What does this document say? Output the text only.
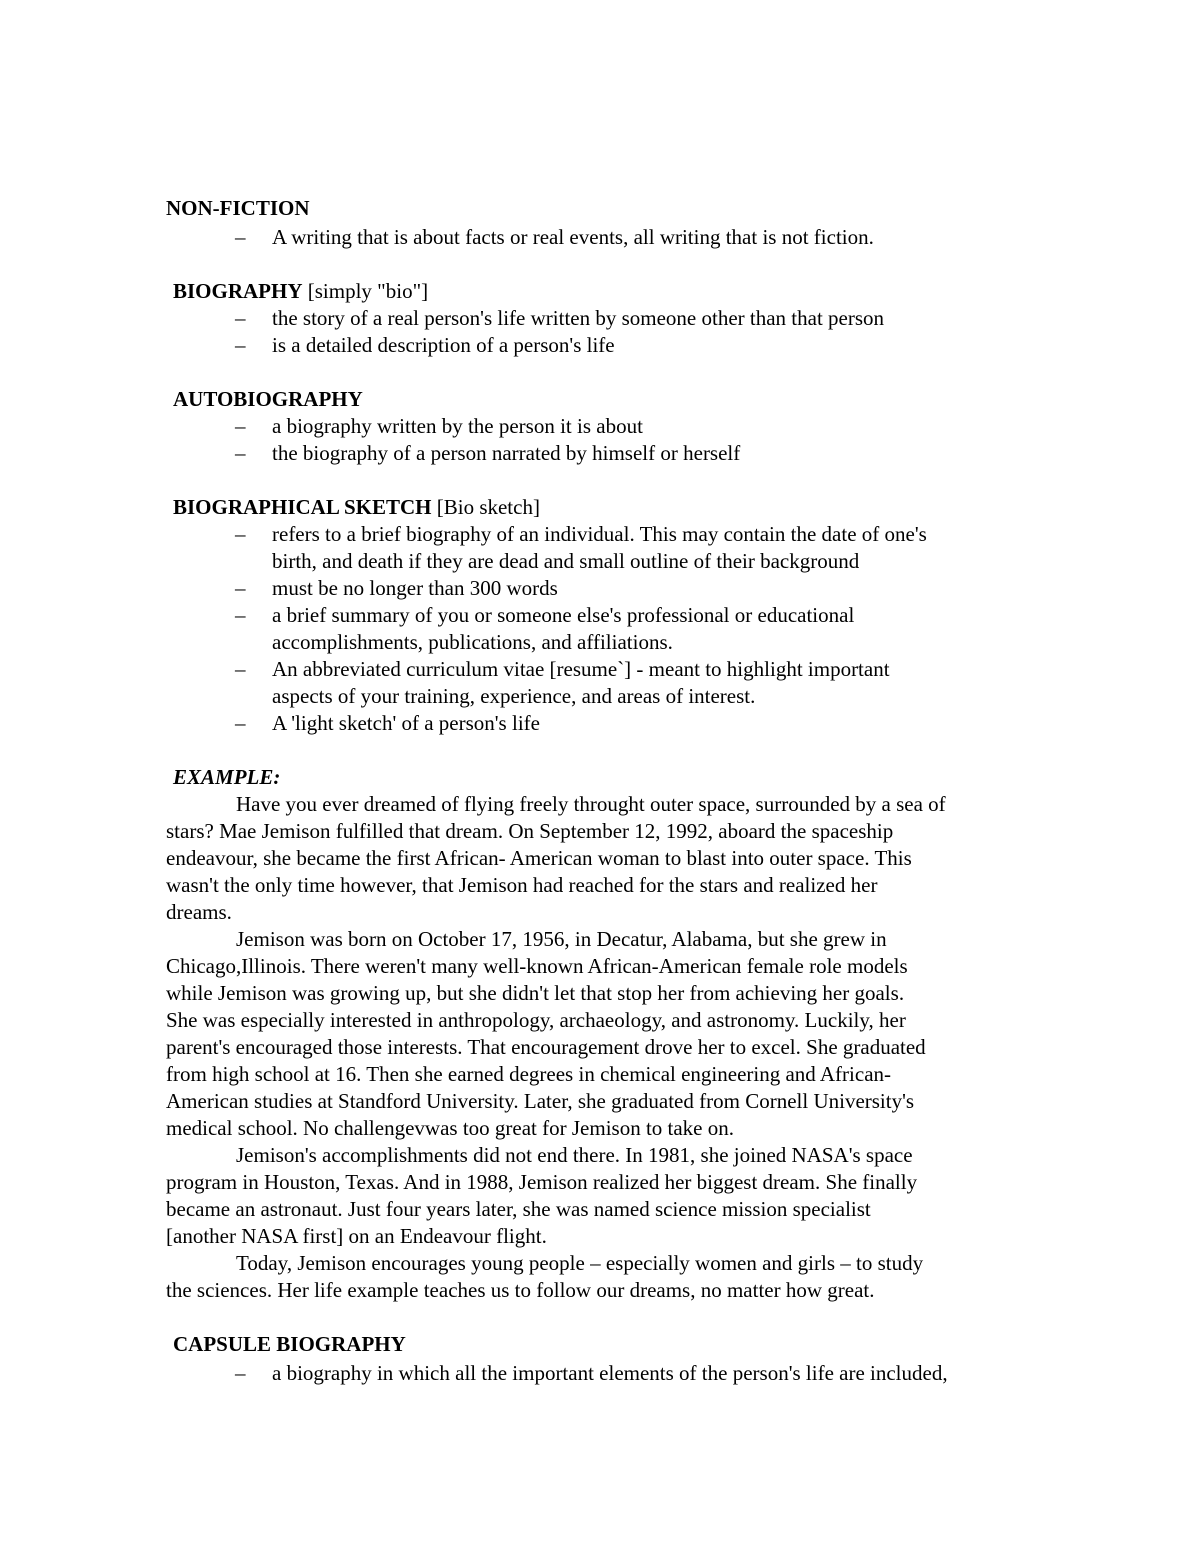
NON-FICTION
– A writing that is about facts or real events, all writing that is not fiction.
BIOGRAPHY [simply "bio"]
– the story of a real person's life written by someone other than that person
– is a detailed description of a person's life
AUTOBIOGRAPHY
– a biography written by the person it is about
– the biography of a person narrated by himself or herself
BIOGRAPHICAL SKETCH [Bio sketch]
– refers to a brief biography of an individual. This may contain the date of one's
birth, and death if they are dead and small outline of their background
– must be no longer than 300 words
– a brief summary of you or someone else's professional or educational
accomplishments, publications, and affiliations.
– An abbreviated curriculum vitae [resume`] - meant to highlight important
aspects of your training, experience, and areas of interest.
– A 'light sketch' of a person's life
EXAMPLE:
Have you ever dreamed of flying freely throught outer space, surrounded by a sea of
stars? Mae Jemison fulfilled that dream. On September 12, 1992, aboard the spaceship
endeavour, she became the first African- American woman to blast into outer space. This
wasn't the only time however, that Jemison had reached for the stars and realized her
dreams.
Jemison was born on October 17, 1956, in Decatur, Alabama, but she grew in
Chicago,Illinois. There weren't many well-known African-American female role models
while Jemison was growing up, but she didn't let that stop her from achieving her goals.
She was especially interested in anthropology, archaeology, and astronomy. Luckily, her
parent's encouraged those interests. That encouragement drove her to excel. She graduated
from high school at 16. Then she earned degrees in chemical engineering and African-
American studies at Standford University. Later, she graduated from Cornell University's
medical school. No challengevwas too great for Jemison to take on.
Jemison's accomplishments did not end there. In 1981, she joined NASA's space
program in Houston, Texas. And in 1988, Jemison realized her biggest dream. She finally
became an astronaut. Just four years later, she was named science mission specialist
[another NASA first] on an Endeavour flight.
Today, Jemison encourages young people – especially women and girls – to study
the sciences. Her life example teaches us to follow our dreams, no matter how great.
CAPSULE BIOGRAPHY
– a biography in which all the important elements of the person's life are included,
